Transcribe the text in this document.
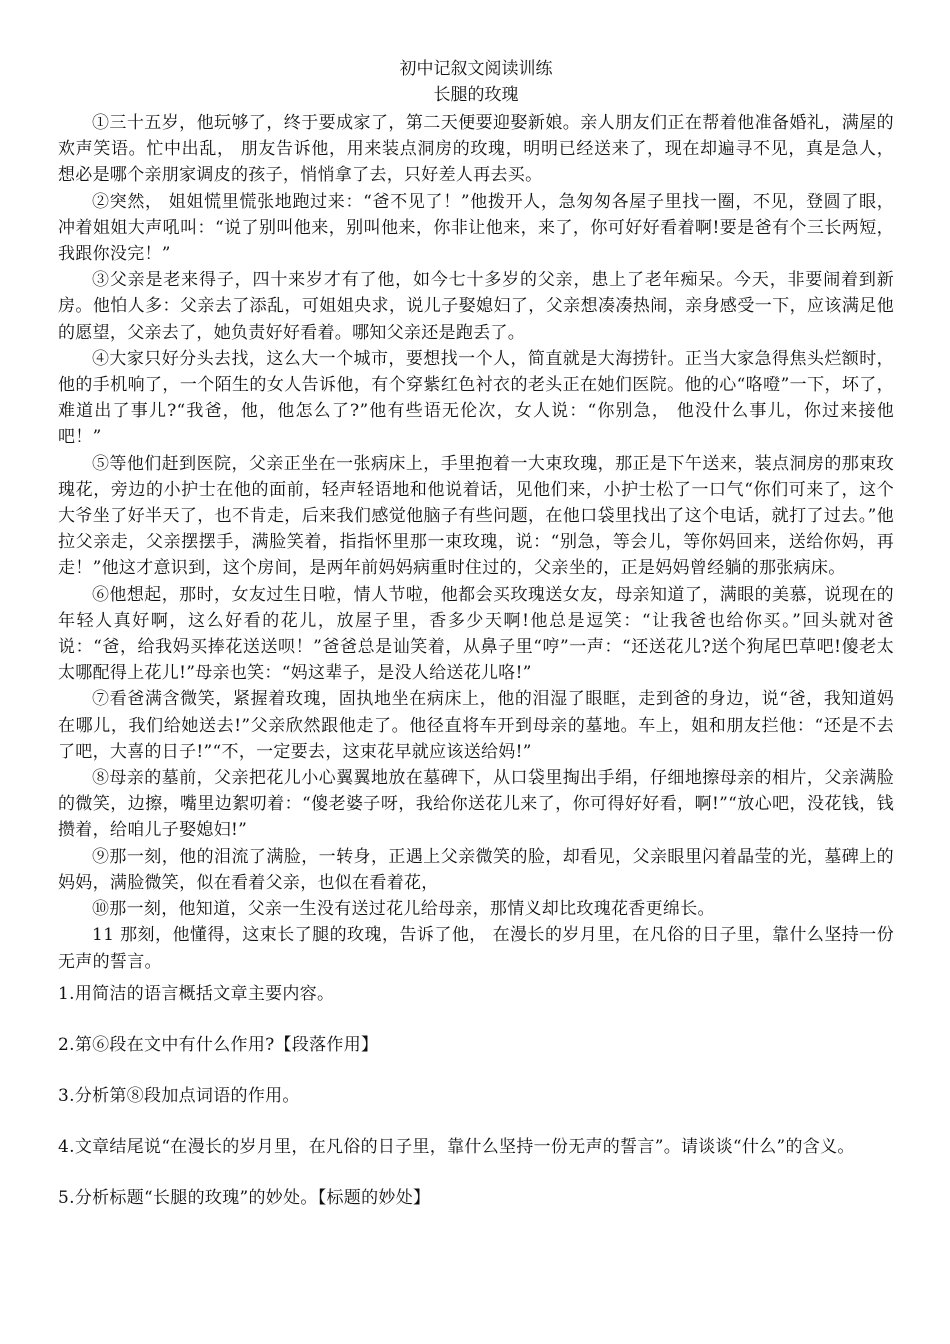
初中记叙文阅读训练

长腿的玫瑰

①三十五岁，他玩够了，终于要成家了，第二天便要迎娶新娘。亲人朋友们正在帮着他准备婚礼，满屋的欢声笑语。忙中出乱， 朋友告诉他，用来装点洞房的玫瑰，明明已经送来了，现在却遍寻不见，真是急人，想必是哪个亲朋家调皮的孩子，悄悄拿了去，只好差人再去买。

②突然， 姐姐慌里慌张地跑过来：“爸不见了！”他拨开人，急匆匆各屋子里找一圈，不见，登圆了眼，冲着姐姐大声吼叫：“说了别叫他来，别叫他来，你非让他来，来了，你可好好看着啊!要是爸有个三长两短，我跟你没完！”

③父亲是老来得子，四十来岁才有了他，如今七十多岁的父亲，患上了老年痴呆。今天，非要闹着到新房。他怕人多：父亲去了添乱，可姐姐央求，说儿子娶媳妇了，父亲想凑凑热闹，亲身感受一下，应该满足他的愿望，父亲去了，她负责好好看着。哪知父亲还是跑丢了。

④大家只好分头去找，这么大一个城市，要想找一个人，简直就是大海捞针。正当大家急得焦头烂额时，他的手机响了，一个陌生的女人告诉他，有个穿紫红色衬衣的老头正在她们医院。他的心“咯噔”一下，坏了，难道出了事儿?“我爸，他，他怎么了?”他有些语无伦次，女人说：“你别急， 他没什么事儿，你过来接他吧！”

⑤等他们赶到医院，父亲正坐在一张病床上，手里抱着一大束玫瑰，那正是下午送来，装点洞房的那束玫瑰花，旁边的小护士在他的面前，轻声轻语地和他说着话，见他们来，小护士松了一口气“你们可来了，这个大爷坐了好半天了，也不肯走，后来我们感觉他脑子有些问题，在他口袋里找出了这个电话，就打了过去。”他拉父亲走，父亲摆摆手，满脸笑着，指指怀里那一束玫瑰，说：“别急，等会儿，等你妈回来，送给你妈，再走！”他这才意识到，这个房间，是两年前妈妈病重时住过的，父亲坐的，正是妈妈曾经躺的那张病床。

⑥他想起，那时，女友过生日啦，情人节啦，他都会买玫瑰送女友，母亲知道了，满眼的美慕，说现在的年轻人真好啊，这么好看的花儿，放屋子里，香多少天啊!他总是逗笑：“让我爸也给你买。”回头就对爸说：“爸，给我妈买捧花送送呗！”爸爸总是讪笑着，从鼻子里“哼”一声：“还送花儿?送个狗尾巴草吧!傻老太太哪配得上花儿!”母亲也笑：“妈这辈子，是没人给送花儿咯!”

⑦看爸满含微笑，紧握着玫瑰，固执地坐在病床上，他的泪湿了眼眶，走到爸的身边，说“爸，我知道妈在哪儿，我们给她送去!”父亲欣然跟他走了。他径直将车开到母亲的墓地。车上，姐和朋友拦他：“还是不去了吧，大喜的日子!”“不，一定要去，这束花早就应该送给妈!”

⑧母亲的墓前，父亲把花儿小心翼翼地放在墓碑下，从口袋里掏出手绢，仔细地擦母亲的相片，父亲满脸的微笑，边擦，嘴里边絮叨着：“傻老婆子呀，我给你送花儿来了，你可得好好看，啊!”“放心吧，没花钱，钱攒着，给咱儿子娶媳妇!”

⑨那一刻，他的泪流了满脸，一转身，正遇上父亲微笑的脸，却看见，父亲眼里闪着晶莹的光，墓碑上的妈妈，满脸微笑，似在看着父亲，也似在看着花，

⑩那一刻，他知道，父亲一生没有送过花儿给母亲，那情义却比玫瑰花香更绵长。

11 那刻，他懂得，这束长了腿的玫瑰，告诉了他， 在漫长的岁月里，在凡俗的日子里，靠什么坚持一份无声的誓言。

1.用简洁的语言概括文章主要内容。

2.第⑥段在文中有什么作用?【段落作用】

3.分析第⑧段加点词语的作用。

4.文章结尾说“在漫长的岁月里，在凡俗的日子里，靠什么坚持一份无声的誓言”。请谈谈“什么”的含义。

5.分析标题“长腿的玫瑰”的妙处。【标题的妙处】
